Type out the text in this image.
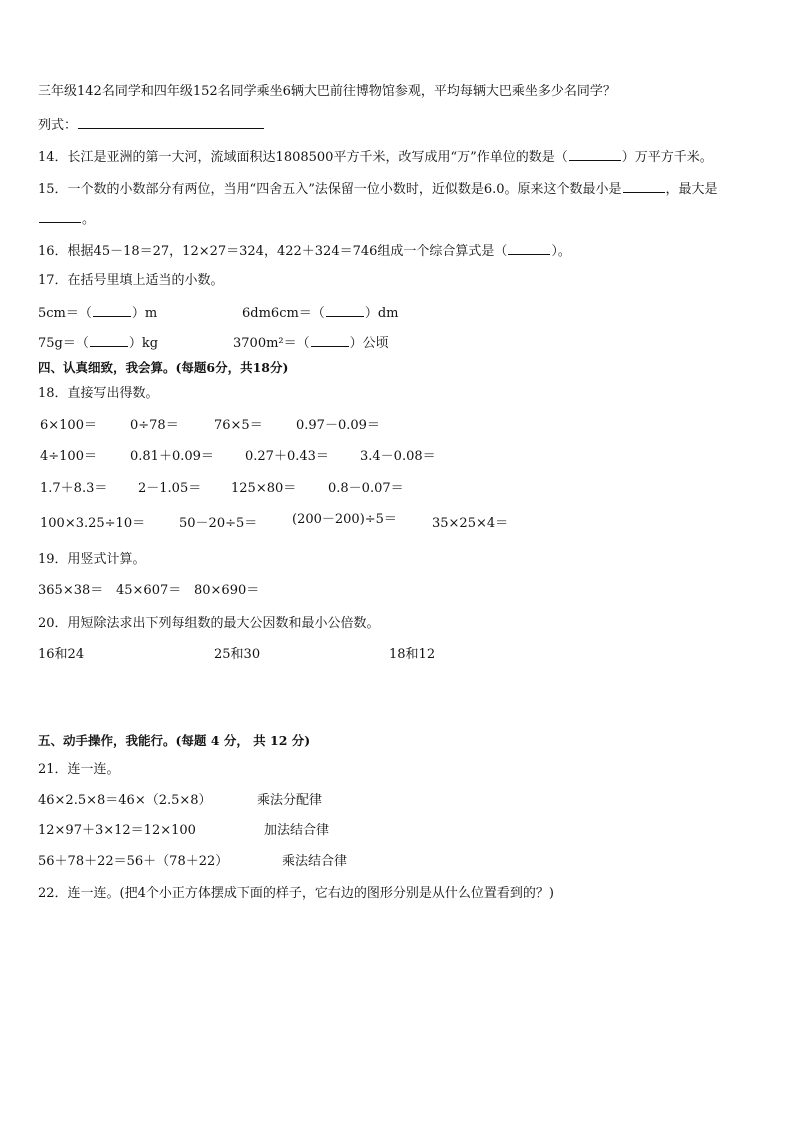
三年级142名同学和四年级152名同学乘坐6辆大巴前往博物馆参观，平均每辆大巴乘坐多少名同学？
列式：
14．长江是亚洲的第一大河，流域面积达1808500平方千米，改写成用“万”作单位的数是（	）万平方千米。
15．一个数的小数部分有两位，当用“四舍五入”法保留一位小数时，近似数是6.0。原来这个数最小是	，最大是
。
16．根据45－18＝27，12×27＝324，422＋324＝746组成一个综合算式是（	）。
17．在括号里填上适当的小数。
5cm＝（	）m	6dm6cm＝（	）dm
75g＝（	）kg	3700m²＝（	）公顷
四、认真细致，我会算。(每题6分，共18分)
18．直接写出得数。
6×100＝	0÷78＝	76×5＝	0.97－0.09＝
4÷100＝	0.81＋0.09＝ 0.27＋0.43＝ 3.4－0.08＝
1.7＋8.3＝ 2－1.05＝ 125×80＝ 0.8－0.07＝
100×3.25÷10＝	50－20÷5＝	(200－200)÷5＝	35×25×4＝
19．用竖式计算。
365×38＝ 45×607＝ 80×690＝
20．用短除法求出下列每组数的最大公因数和最小公倍数。
16和24	25和30	18和12
五、动手操作，我能行。(每题 4 分， 共 12 分)
21．连一连。
46×2.5×8＝46×（2.5×8）	乘法分配律
12×97＋3×12＝12×100	加法结合律
56＋78＋22＝56＋（78＋22）	乘法结合律
22．连一连。(把4个小正方体摆成下面的样子，它右边的图形分别是从什么位置看到的？)
